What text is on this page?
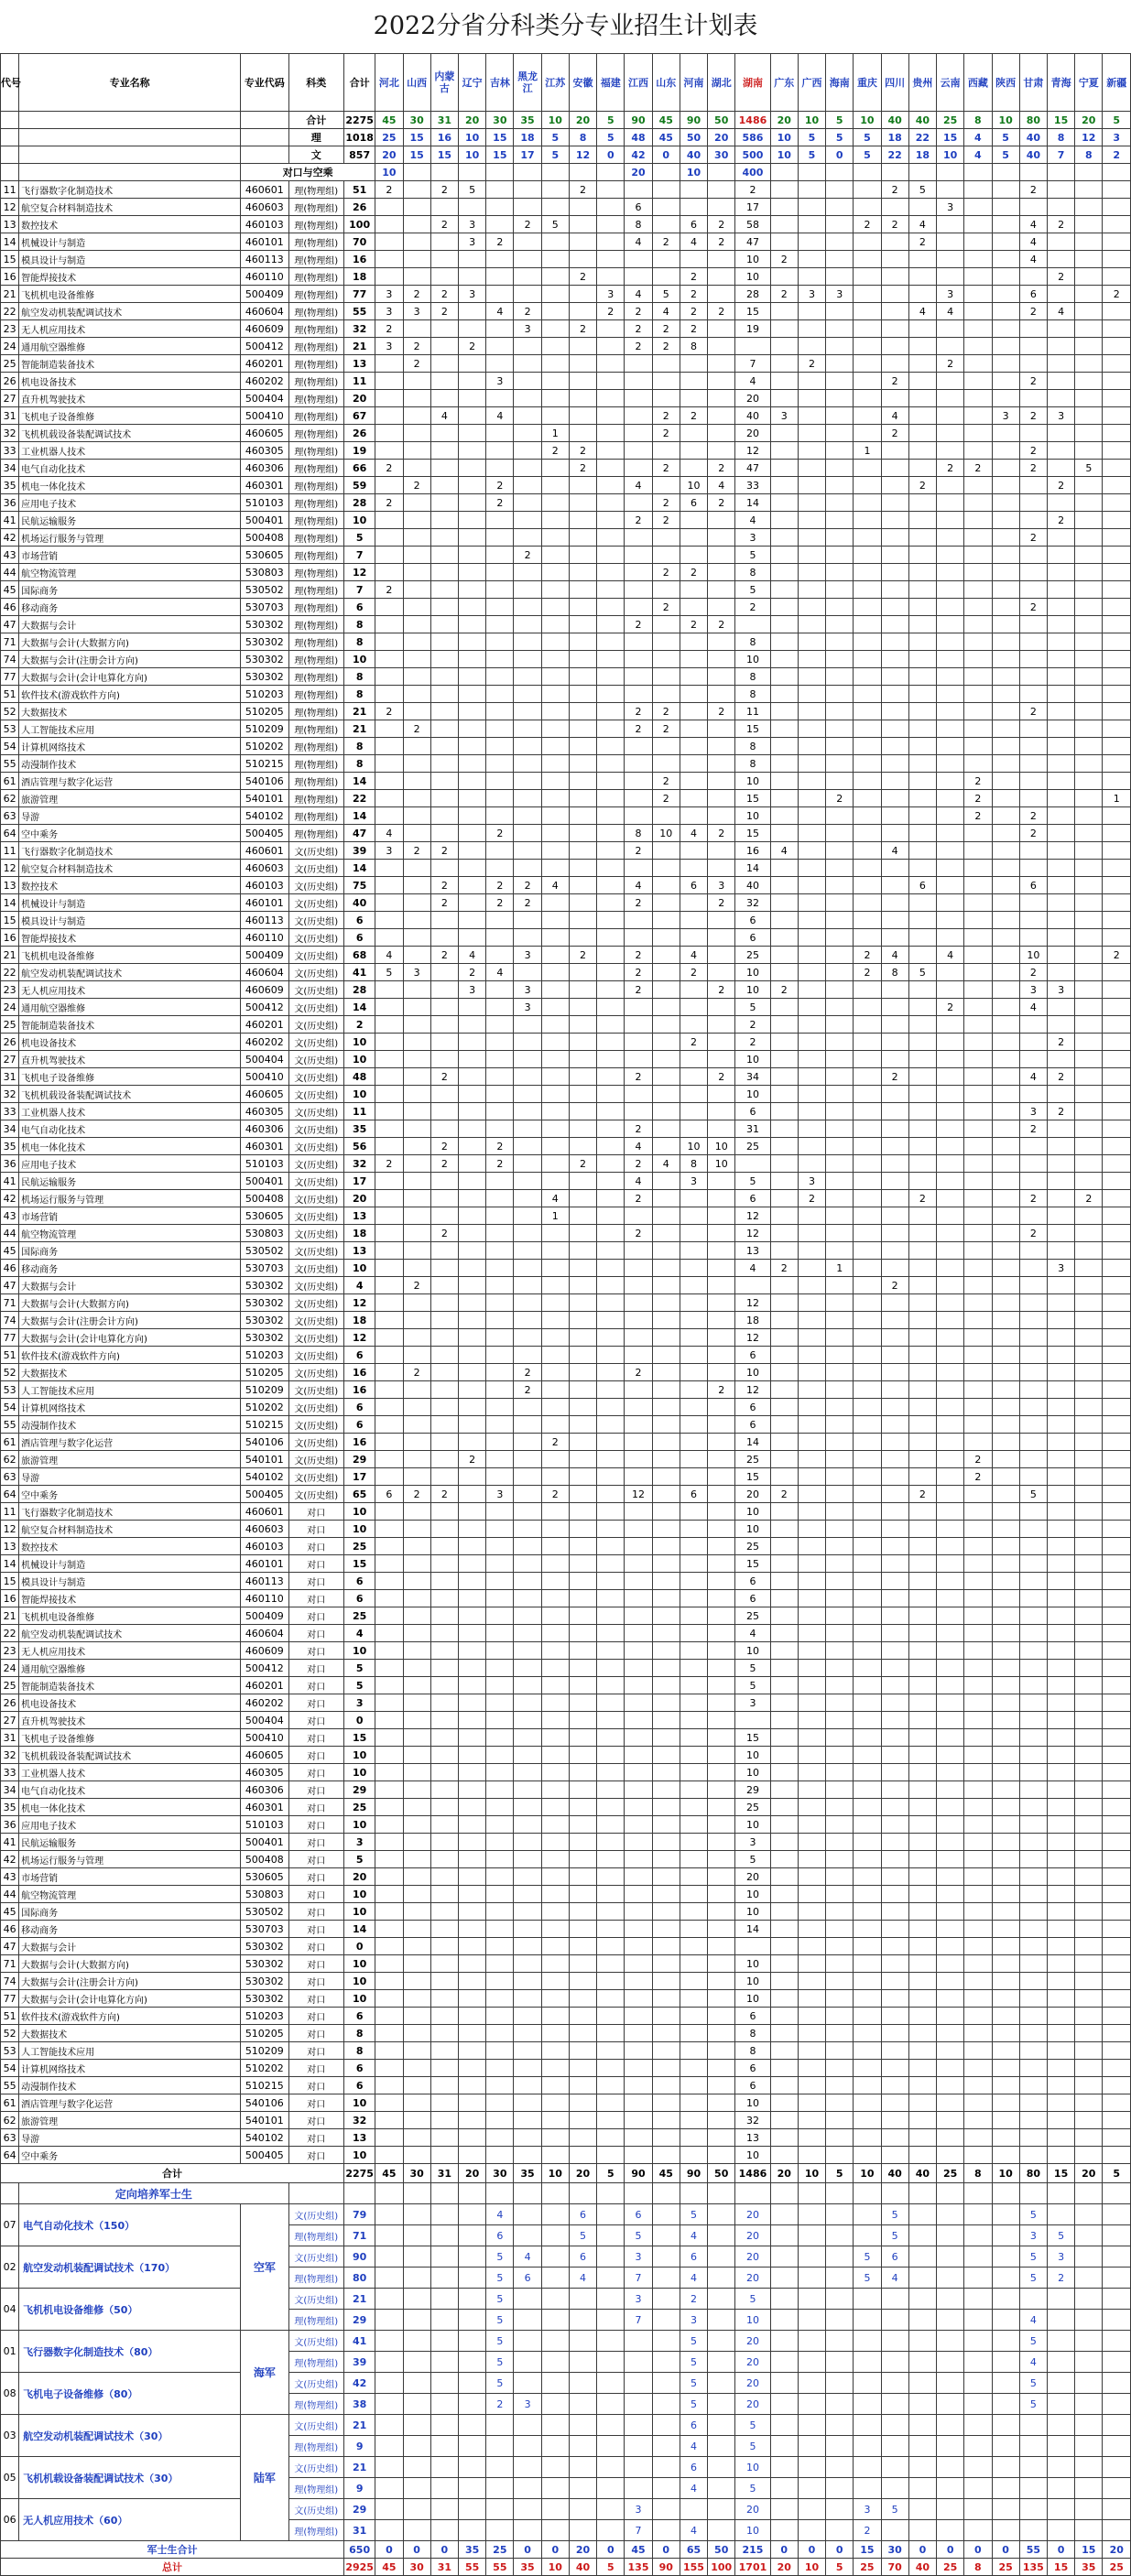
2022分省分科类分专业招生计划表
代号	专业名称	专业代码	科类	合计	河北	山西	内蒙古	辽宁	吉林	黑龙江	江苏	安徽	福建	江西	山东	河南	湖北	湖南	广东	广西	海南	重庆	四川	贵州	云南	西藏	陕西	甘肃	青海	宁夏	新疆
			合计	2275	45	30	31	20	30	35	10	20	5	90	45	90	50	1486	20	10	5	10	40	40	25	8	10	80	15	20	5
			理	1018	25	15	16	10	15	18	5	8	5	48	45	50	20	586	10	5	5	5	18	22	15	4	5	40	8	12	3
			文	857	20	15	15	10	15	17	5	12	0	42	0	40	30	500	10	5	0	5	22	18	10	4	5	40	7	8	2
		对口与空乘			10									20		10		400													
11	飞行器数字化制造技术	460601	理(物理组)	51	2		2	5				2						2					2	5				2			
12	航空复合材料制造技术	460603	理(物理组)	26										6				17							3						
13	数控技术	460103	理(物理组)	100			2	3		2	5			8		6	2	58				2	2	4				4	2		
14	机械设计与制造	460101	理(物理组)	70				3	2					4	2	4	2	47						2				4			
15	模具设计与制造	460113	理(物理组)	16														10	2									4			
16	智能焊接技术	460110	理(物理组)	18								2				2		10											2		
21	飞机机电设备维修	500409	理(物理组)	77	3	2	2	3					3	4	5	2		28	2	3	3				3			6			2
22	航空发动机装配调试技术	460604	理(物理组)	55	3	3	2		4	2			2	2	4	2	2	15						4	4			2	4		
23	无人机应用技术	460609	理(物理组)	32	2					3		2		2	2	2		19													
24	通用航空器维修	500412	理(物理组)	21	3	2		2						2	2	8															
25	智能制造装备技术	460201	理(物理组)	13		2												7		2					2						
26	机电设备技术	460202	理(物理组)	11					3									4					2					2			
27	直升机驾驶技术	500404	理(物理组)	20														20													
31	飞机电子设备维修	500410	理(物理组)	67			4		4						2	2		40	3				4				3	2	3		
32	飞机机载设备装配调试技术	460605	理(物理组)	26							1				2			20					2								
33	工业机器人技术	460305	理(物理组)	19							2	2						12				1						2			
34	电气自动化技术	460306	理(物理组)	66	2							2			2		2	47							2	2		2		5	
35	机电一体化技术	460301	理(物理组)	59		2			2					4		10	4	33						2					2		
36	应用电子技术	510103	理(物理组)	28	2				2						2	6	2	14													
41	民航运输服务	500401	理(物理组)	10										2	2			4											2		
42	机场运行服务与管理	500408	理(物理组)	5														3										2			
43	市场营销	530605	理(物理组)	7						2								5													
44	航空物流管理	530803	理(物理组)	12											2	2		8													
45	国际商务	530502	理(物理组)	7	2													5													
46	移动商务	530703	理(物理组)	6											2			2										2			
47	大数据与会计	530302	理(物理组)	8										2		2	2														
71	大数据与会计(大数据方向)	530302	理(物理组)	8														8													
74	大数据与会计(注册会计方向)	530302	理(物理组)	10														10													
77	大数据与会计(会计电算化方向)	530302	理(物理组)	8														8													
51	软件技术(游戏软件方向)	510203	理(物理组)	8														8													
52	大数据技术	510205	理(物理组)	21	2									2	2		2	11										2			
53	人工智能技术应用	510209	理(物理组)	21		2								2	2			15													
54	计算机网络技术	510202	理(物理组)	8														8													
55	动漫制作技术	510215	理(物理组)	8														8													
61	酒店管理与数字化运营	540106	理(物理组)	14											2			10								2					
62	旅游管理	540101	理(物理组)	22											2			15			2					2					1
63	导游	540102	理(物理组)	14														10								2		2			
64	空中乘务	500405	理(物理组)	47	4				2					8	10	4	2	15										2			
11	飞行器数字化制造技术	460601	文(历史组)	39	3	2	2							2				16	4				4								
12	航空复合材料制造技术	460603	文(历史组)	14														14													
13	数控技术	460103	文(历史组)	75			2		2	2	4			4		6	3	40						6				6			
14	机械设计与制造	460101	文(历史组)	40			2		2	2				2			2	32													
15	模具设计与制造	460113	文(历史组)	6														6													
16	智能焊接技术	460110	文(历史组)	6														6													
21	飞机机电设备维修	500409	文(历史组)	68	4		2	4		3		2		2		4		25				2	4		4			10			2
22	航空发动机装配调试技术	460604	文(历史组)	41	5	3		2	4					2		2		10				2	8	5				2			
23	无人机应用技术	460609	文(历史组)	28				3		3				2			2	10	2									3	3		
24	通用航空器维修	500412	文(历史组)	14						3								5							2			4			
25	智能制造装备技术	460201	文(历史组)	2														2													
26	机电设备技术	460202	文(历史组)	10												2		2											2		
27	直升机驾驶技术	500404	文(历史组)	10														10													
31	飞机电子设备维修	500410	文(历史组)	48			2							2			2	34					2					4	2		
32	飞机机载设备装配调试技术	460605	文(历史组)	10														10													
33	工业机器人技术	460305	文(历史组)	11														6										3	2		
34	电气自动化技术	460306	文(历史组)	35										2				31										2			
35	机电一体化技术	460301	文(历史组)	56			2		2					4		10	10	25													
36	应用电子技术	510103	文(历史组)	32	2		2		2			2		2	4	8	10														
41	民航运输服务	500401	文(历史组)	17										4		3		5		3											
42	机场运行服务与管理	500408	文(历史组)	20							4			2				6		2				2				2		2	
43	市场营销	530605	文(历史组)	13							1							12													
44	航空物流管理	530803	文(历史组)	18			2							2				12										2			
45	国际商务	530502	文(历史组)	13														13													
46	移动商务	530703	文(历史组)	10														4	2		1								3		
47	大数据与会计	530302	文(历史组)	4		2																	2								
71	大数据与会计(大数据方向)	530302	文(历史组)	12														12													
74	大数据与会计(注册会计方向)	530302	文(历史组)	18														18													
77	大数据与会计(会计电算化方向)	530302	文(历史组)	12														12													
51	软件技术(游戏软件方向)	510203	文(历史组)	6														6													
52	大数据技术	510205	文(历史组)	16		2				2				2				10													
53	人工智能技术应用	510209	文(历史组)	16						2							2	12													
54	计算机网络技术	510202	文(历史组)	6														6													
55	动漫制作技术	510215	文(历史组)	6														6													
61	酒店管理与数字化运营	540106	文(历史组)	16							2							14													
62	旅游管理	540101	文(历史组)	29				2										25								2					
63	导游	540102	文(历史组)	17														15								2					
64	空中乘务	500405	文(历史组)	65	6	2	2		3		2			12		6		20	2					2				5			
11	飞行器数字化制造技术	460601	对口	10														10													
12	航空复合材料制造技术	460603	对口	10														10													
13	数控技术	460103	对口	25														25													
14	机械设计与制造	460101	对口	15														15													
15	模具设计与制造	460113	对口	6														6													
16	智能焊接技术	460110	对口	6														6													
21	飞机机电设备维修	500409	对口	25														25													
22	航空发动机装配调试技术	460604	对口	4														4													
23	无人机应用技术	460609	对口	10														10													
24	通用航空器维修	500412	对口	5														5													
25	智能制造装备技术	460201	对口	5														5													
26	机电设备技术	460202	对口	3														3													
27	直升机驾驶技术	500404	对口	0																											
31	飞机电子设备维修	500410	对口	15														15													
32	飞机机载设备装配调试技术	460605	对口	10														10													
33	工业机器人技术	460305	对口	10														10													
34	电气自动化技术	460306	对口	29														29													
35	机电一体化技术	460301	对口	25														25													
36	应用电子技术	510103	对口	10														10													
41	民航运输服务	500401	对口	3														3													
42	机场运行服务与管理	500408	对口	5														5													
43	市场营销	530605	对口	20														20													
44	航空物流管理	530803	对口	10														10													
45	国际商务	530502	对口	10														10													
46	移动商务	530703	对口	14														14													
47	大数据与会计	530302	对口	0																											
71	大数据与会计(大数据方向)	530302	对口	10														10													
74	大数据与会计(注册会计方向)	530302	对口	10														10													
77	大数据与会计(会计电算化方向)	530302	对口	10														10													
51	软件技术(游戏软件方向)	510203	对口	6														6													
52	大数据技术	510205	对口	8														8													
53	人工智能技术应用	510209	对口	8														8													
54	计算机网络技术	510202	对口	6														6													
55	动漫制作技术	510215	对口	6														6													
61	酒店管理与数字化运营	540106	对口	10														10													
62	旅游管理	540101	对口	32														32													
63	导游	540102	对口	13														13													
64	空中乘务	500405	对口	10														10													
合计				2275	45	30	31	20	30	35	10	20	5	90	45	90	50	1486	20	10	5	10	40	40	25	8	10	80	15	20	5
	定向培养军士生																														
07	电气自动化技术（150）	空军	文(历史组)	79					4			6		6		5		20					5					5			
			理(物理组)	71					6			5		5		4		20					5					3	5		
02	航空发动机装配调试技术（170）		文(历史组)	90					5	4		6		3		6		20				5	6					5	3		
			理(物理组)	80					5	6		4		7		4		20				5	4					5	2		
04	飞机机电设备维修（50）		文(历史组)	21					5					3		2		5													
			理(物理组)	29					5					7		3		10										4			
01	飞行器数字化制造技术（80）	海军	文(历史组)	41					5							5		20										5			
			理(物理组)	39					5							5		20										4			
08	飞机电子设备维修（80）		文(历史组)	42					5							5		20										5			
			理(物理组)	38					2	3						5		20										5			
03	航空发动机装配调试技术（30）	陆军	文(历史组)	21												6		5													
			理(物理组)	9												4		5													
05	飞机机载设备装配调试技术（30）		文(历史组)	21												6		10													
			理(物理组)	9												4		5													
06	无人机应用技术（60）		文(历史组)	29										3				20				3	5								
			理(物理组)	31										7		4		10				2									
军士生合计				650	0	0	0	35	25	0	0	20	0	45	0	65	50	215	0	0	0	15	30	0	0	0	0	55	0	15	20
总计				2925	45	30	31	55	55	35	10	40	5	135	90	155	100	1701	20	10	5	25	70	40	25	8	25	135	15	35	25
